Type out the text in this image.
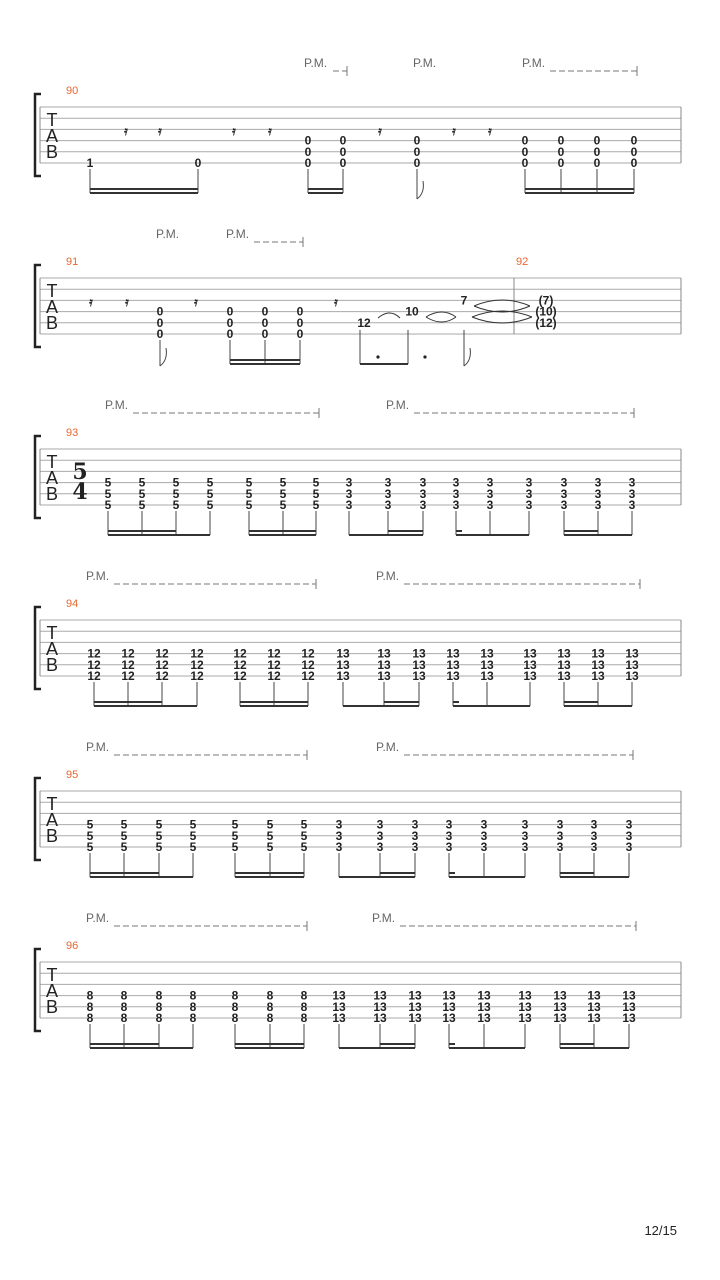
T
A
B
90
P.M.	P.M.	P.M.
1	0
𝄿	𝄿	𝄿	𝄿	𝄿	𝄿	𝄿
0
0
0
0
0
0
0
0
0
0
0
0
0
0
0
0
0
0
0
0
0
T
A
B
91
P.M.	P.M.
92
𝄿	𝄿	𝄿	𝄿
0
0
0
0
0
0
0
0
0
0
0
0
12
10
7	(7)
(10)
(12)
T
A
B
93
P.M.	P.M.
5
4 5
5
5
5
5
5
5
5
5
5
5
5
5
5
5
5
5
5
5
5
5
3
3
3
3
3
3
3
3
3
3
3
3
3
3
3
3
3
3
3
3
3
3
3
3
3
3
3
T
A
B
94
P.M.	P.M.
12
12
12
12
12
12
12
12
12
12
12
12
12
12
12
12
12
12
12
12
12
13
13
13
13
13
13
13
13
13
13
13
13
13
13
13
13
13
13
13
13
13
13
13
13
13
13
13
T
A
B
95
P.M.	P.M.
5
5
5
5
5
5
5
5
5
5
5
5
5
5
5
5
5
5
5
5
5
3
3
3
3
3
3
3
3
3
3
3
3
3
3
3
3
3
3
3
3
3
3
3
3
3
3
3
T
A
B
96
P.M.	P.M.
8
8
8
8
8
8
8
8
8
8
8
8
8
8
8
8
8
8
8
8
8
13
13
13
13
13
13
13
13
13
13
13
13
13
13
13
13
13
13
13
13
13
13
13
13
13
13
13
12/15
